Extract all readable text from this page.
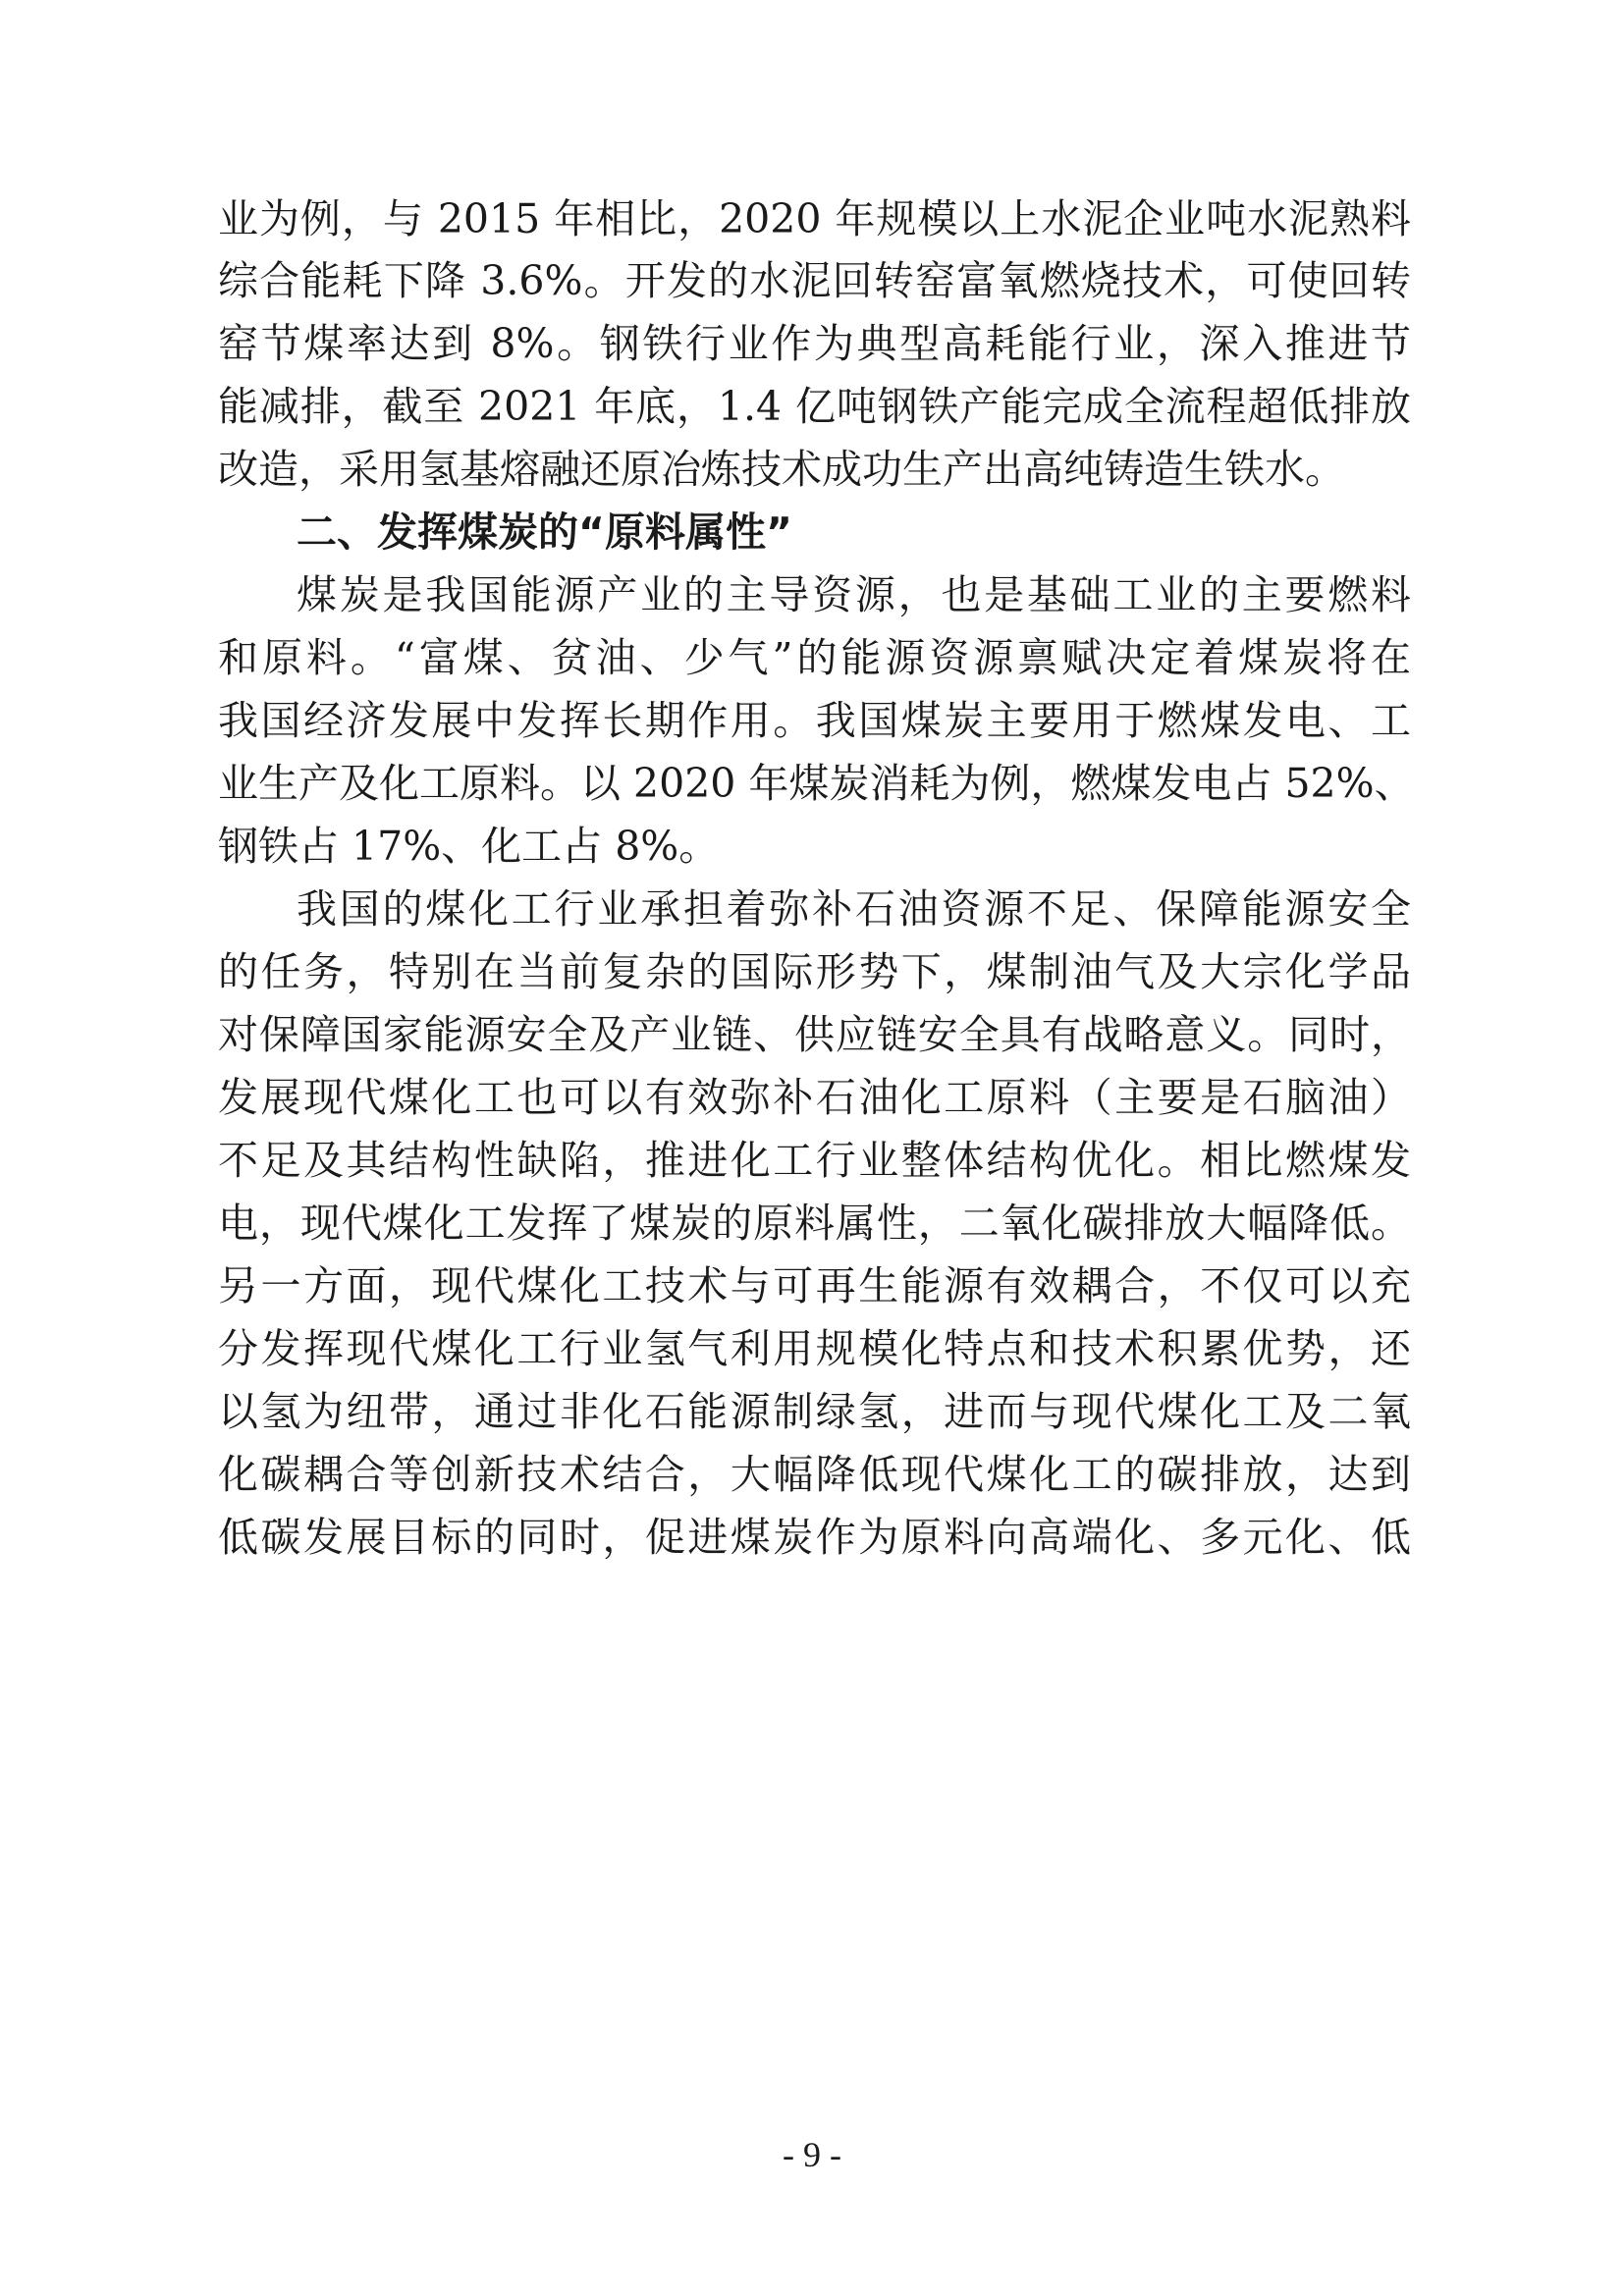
业为例，与 2015 年相比，2020 年规模以上水泥企业吨水泥熟料
综合能耗下降 3.6%。开发的水泥回转窑富氧燃烧技术，可使回转
窑节煤率达到 8%。钢铁行业作为典型高耗能行业，深入推进节
能减排，截至 2021 年底，1.4 亿吨钢铁产能完成全流程超低排放
改造，采用氢基熔融还原冶炼技术成功生产出高纯铸造生铁水。
二、发挥煤炭的“原料属性”
煤炭是我国能源产业的主导资源，也是基础工业的主要燃料
和原料。“富煤、贫油、少气”的能源资源禀赋决定着煤炭将在
我国经济发展中发挥长期作用。我国煤炭主要用于燃煤发电、工
业生产及化工原料。以 2020 年煤炭消耗为例，燃煤发电占 52%、
钢铁占 17%、化工占 8%。
我国的煤化工行业承担着弥补石油资源不足、保障能源安全
的任务，特别在当前复杂的国际形势下，煤制油气及大宗化学品
对保障国家能源安全及产业链、供应链安全具有战略意义。同时，
发展现代煤化工也可以有效弥补石油化工原料（主要是石脑油）
不足及其结构性缺陷，推进化工行业整体结构优化。相比燃煤发
电，现代煤化工发挥了煤炭的原料属性，二氧化碳排放大幅降低。
另一方面，现代煤化工技术与可再生能源有效耦合，不仅可以充
分发挥现代煤化工行业氢气利用规模化特点和技术积累优势，还
以氢为纽带，通过非化石能源制绿氢，进而与现代煤化工及二氧
化碳耦合等创新技术结合，大幅降低现代煤化工的碳排放，达到
低碳发展目标的同时，促进煤炭作为原料向高端化、多元化、低
- 9 -
